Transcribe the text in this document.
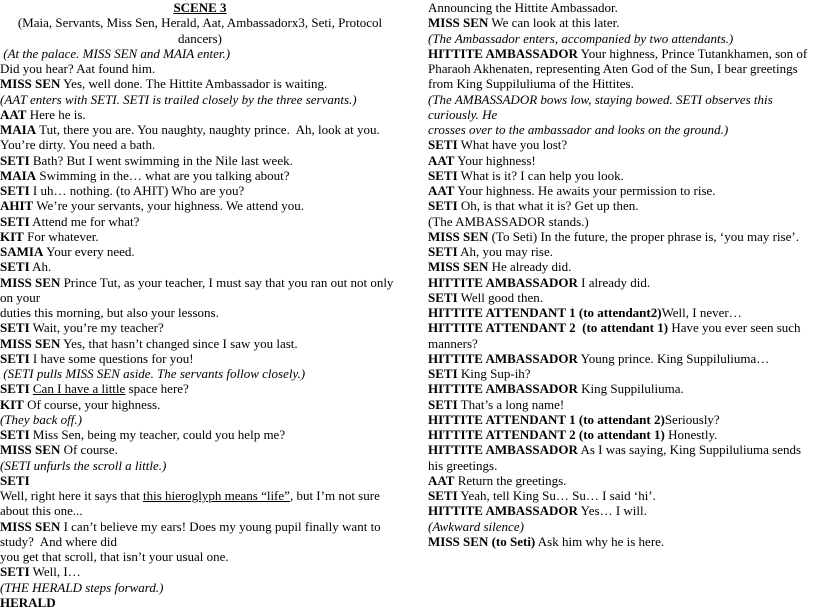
SCENE 3
(Maia, Servants, Miss Sen, Herald, Aat, Ambassadorx3, Seti, Protocol dancers)
(At the palace. MISS SEN and MAIA enter.)
Did you hear? Aat found him.
MISS SEN Yes, well done. The Hittite Ambassador is waiting.
(AAT enters with SETI. SETI is trailed closely by the three servants.)
AAT Here he is.
MAIA Tut, there you are. You naughty, naughty prince.  Ah, look at you. You’re dirty. You need a bath.
SETI Bath? But I went swimming in the Nile last week.
MAIA Swimming in the… what are you talking about?
SETI I uh… nothing. (to AHIT) Who are you?
AHIT We’re your servants, your highness. We attend you.
SETI Attend me for what?
KIT For whatever.
SAMIA Your every need.
SETI Ah.
MISS SEN Prince Tut, as your teacher, I must say that you ran out not only on your
duties this morning, but also your lessons.
SETI Wait, you’re my teacher?
MISS SEN Yes, that hasn’t changed since I saw you last.
SETI I have some questions for you!
(SETI pulls MISS SEN aside. The servants follow closely.)
SETI Can I have a little space here?
KIT Of course, your highness.
(They back off.)
SETI Miss Sen, being my teacher, could you help me?
MISS SEN Of course.
(SETI unfurls the scroll a little.)
SETI
Well, right here it says that this hieroglyph means “life”, but I’m not sure about this one...
MISS SEN I can’t believe my ears! Does my young pupil finally want to study?  And where did
you get that scroll, that isn’t your usual one.
SETI Well, I…
(THE HERALD steps forward.)
HERALD
Announcing the Hittite Ambassador.
MISS SEN We can look at this later.
(The Ambassador enters, accompanied by two attendants.)
HITTITE AMBASSADOR Your highness, Prince Tutankhamen, son of Pharaoh Akhenaten, representing Aten God of the Sun, I bear greetings from King Suppiluliuma of the Hittites.
(The AMBASSADOR bows low, staying bowed. SETI observes this curiously. He
crosses over to the ambassador and looks on the ground.)
SETI What have you lost?
AAT Your highness!
SETI What is it? I can help you look.
AAT Your highness. He awaits your permission to rise.
SETI Oh, is that what it is? Get up then.
(The AMBASSADOR stands.)
MISS SEN (To Seti) In the future, the proper phrase is, ‘you may rise’.
SETI Ah, you may rise.
MISS SEN He already did.
HITTITE AMBASSADOR I already did.
SETI Well good then.
HITTITE ATTENDANT 1 (to attendant2)Well, I never…
HITTITE ATTENDANT 2  (to attendant 1) Have you ever seen such manners?
HITTITE AMBASSADOR Young prince. King Suppiluliuma…
SETI King Sup-ih?
HITTITE AMBASSADOR King Suppiluliuma.
SETI That’s a long name!
HITTITE ATTENDANT 1 (to attendant 2)Seriously?
HITTITE ATTENDANT 2 (to attendant 1) Honestly.
HITTITE AMBASSADOR As I was saying, King Suppiluliuma sends his greetings.
AAT Return the greetings.
SETI Yeah, tell King Su… Su… I said ‘hi’.
HITTITE AMBASSADOR Yes… I will.
(Awkward silence)
MISS SEN (to Seti) Ask him why he is here.
